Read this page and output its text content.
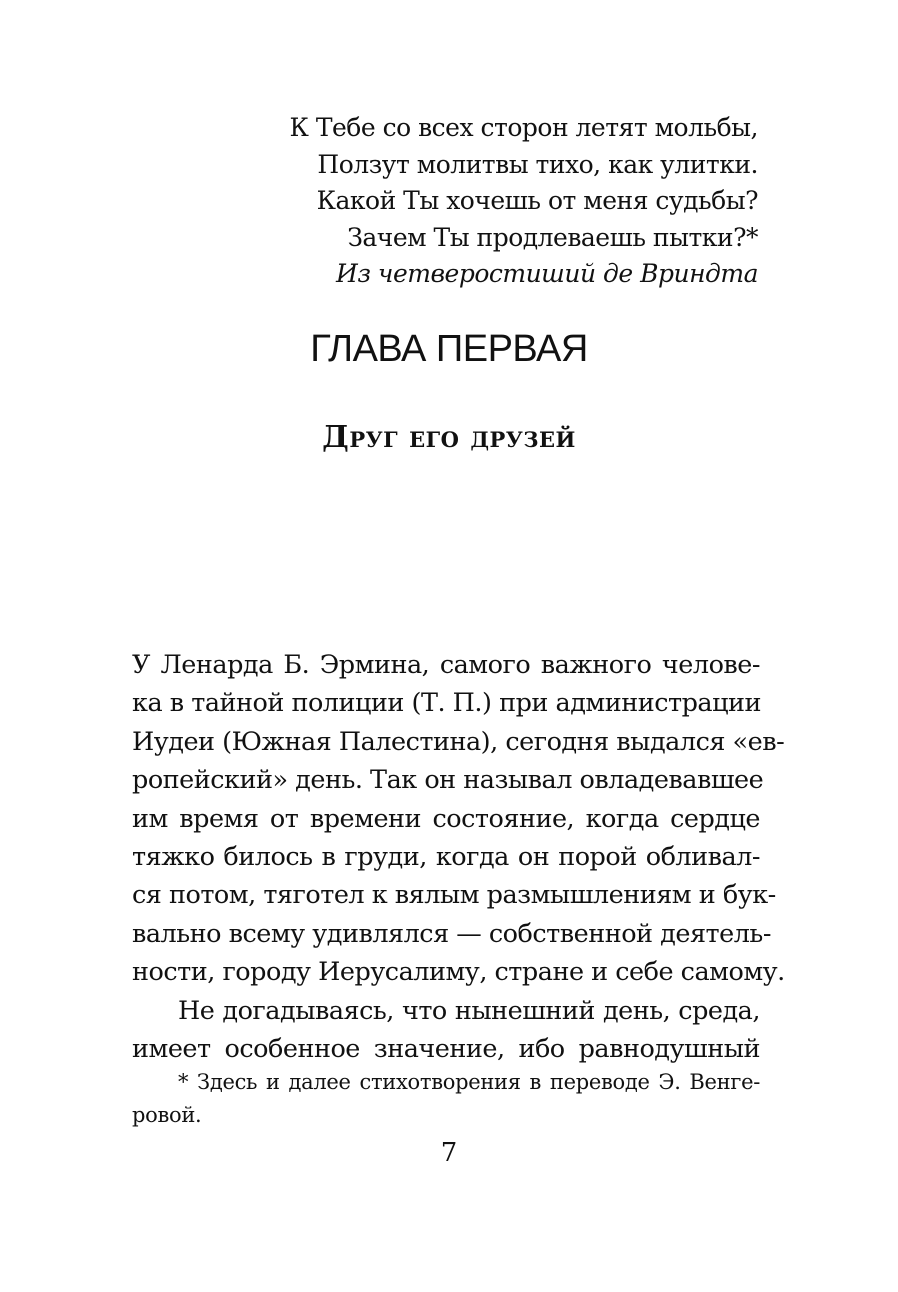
К Тебе со всех сторон летят мольбы,
Ползут молитвы тихо, как улитки.
Какой Ты хочешь от меня судьбы?
Зачем Ты продлеваешь пытки?*
Из четверостиший де Вриндта
ГЛАВА ПЕРВАЯ
Друг его друзей
У Ленарда Б. Эрмина, самого важного челове-
ка в тайной полиции (Т. П.) при администрации
Иудеи (Южная Палестина), сегодня выдался «ев-
ропейский» день. Так он называл овладевавшее
им время от времени состояние, когда сердце
тяжко билось в груди, когда он порой обливал-
ся потом, тяготел к вялым размышлениям и бук-
вально всему удивлялся — собственной деятель-
ности, городу Иерусалиму, стране и себе самому.
Не догадываясь, что нынешний день, среда,
имеет особенное значение, ибо равнодушный
* Здесь и далее стихотворения в переводе Э. Венге-
ровой.
7
